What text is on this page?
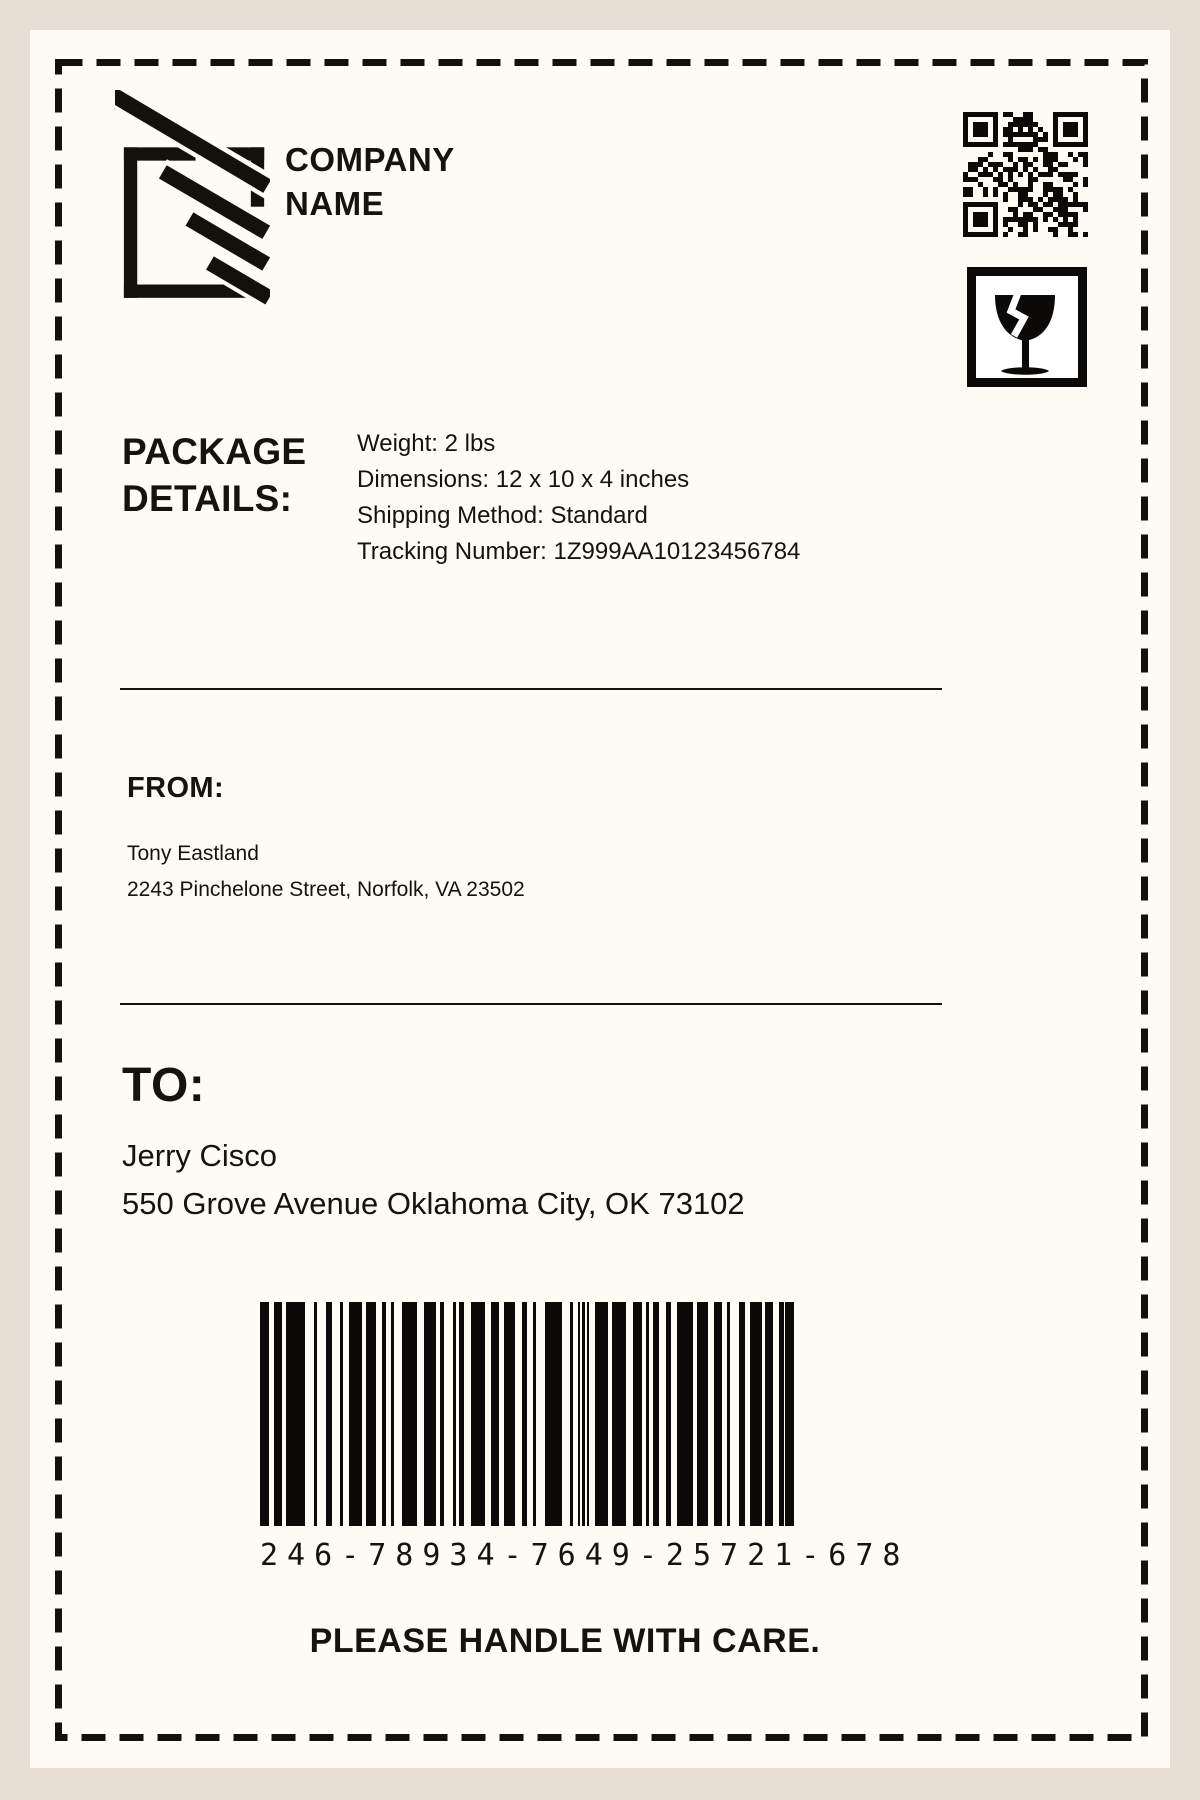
COMPANY NAME
PACKAGE DETAILS:
Weight: 2 lbs
Dimensions: 12 x 10 x 4 inches
Shipping Method: Standard
Tracking Number: 1Z999AA10123456784
FROM:
Tony Eastland
2243 Pinchelone Street, Norfolk, VA 23502
TO:
Jerry Cisco
550 Grove Avenue Oklahoma City, OK 73102
246-78934-7649-25721-678
PLEASE HANDLE WITH CARE.
